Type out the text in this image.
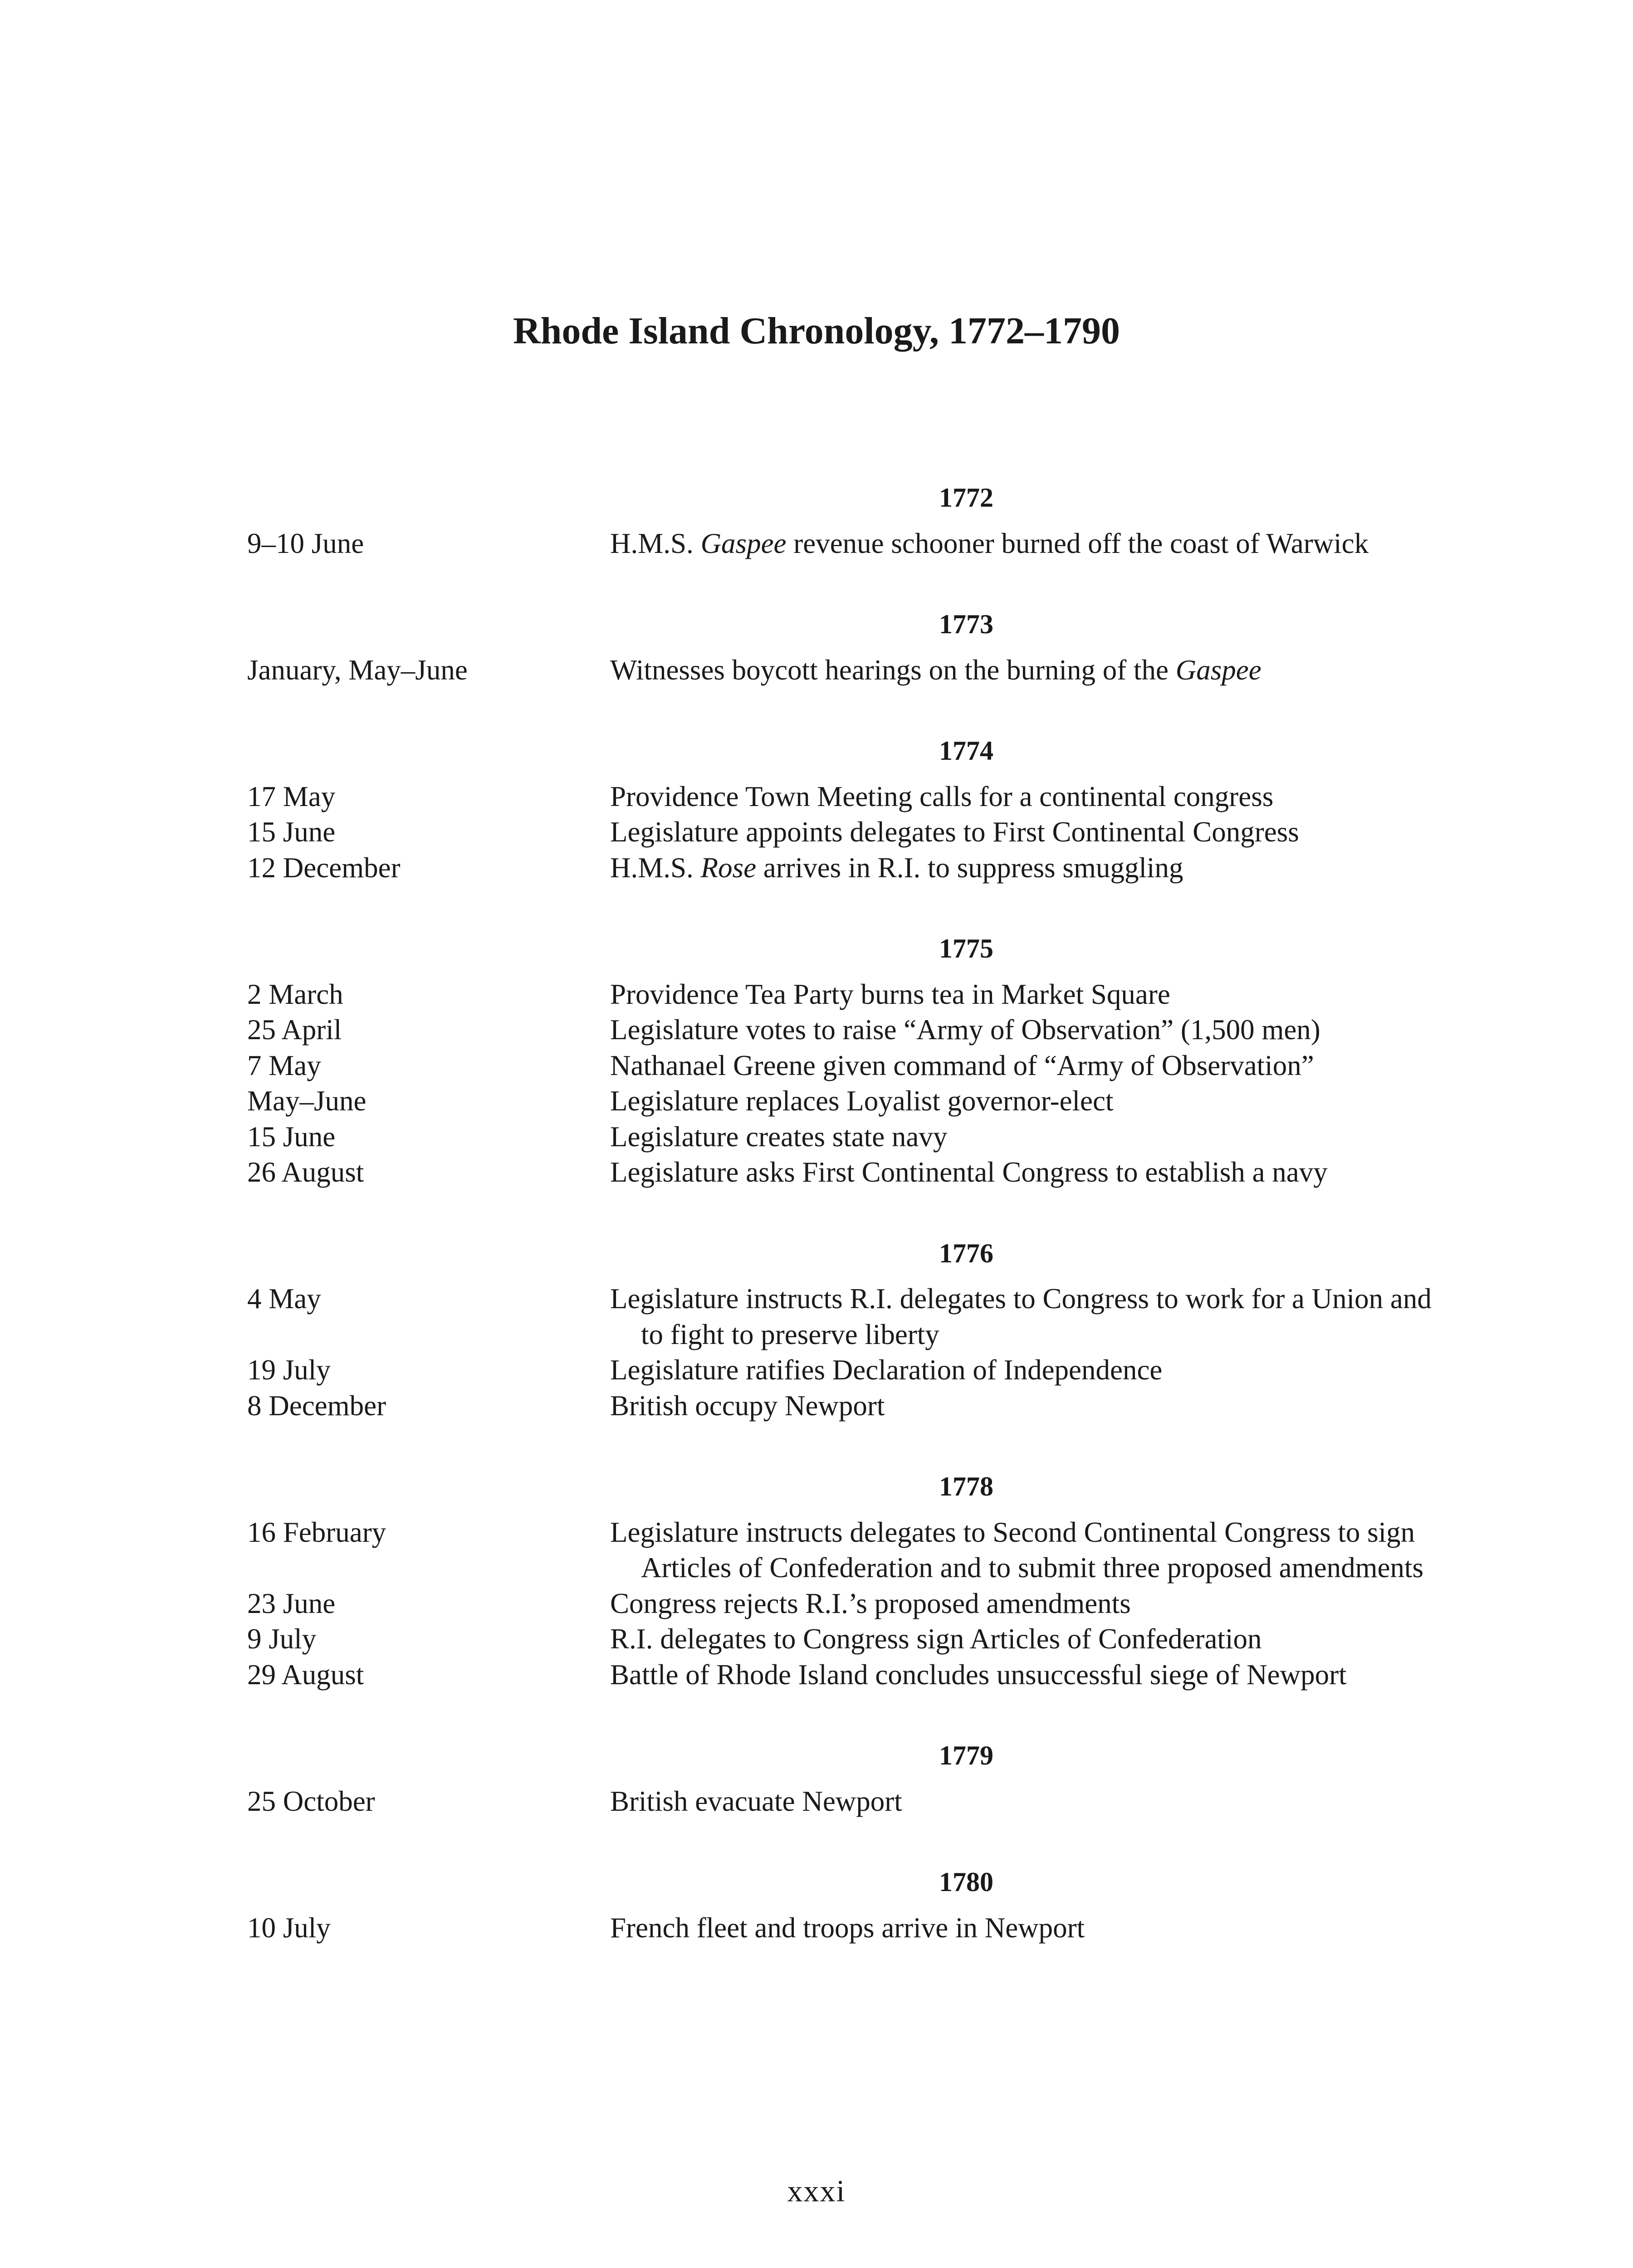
Rhode Island Chronology, 1772–1790
1772
9–10 June	H.M.S. Gaspee revenue schooner burned off the coast of Warwick
1773
January, May–June	Witnesses boycott hearings on the burning of the Gaspee
1774
17 May	Providence Town Meeting calls for a continental congress
15 June	Legislature appoints delegates to First Continental Congress
12 December	H.M.S. Rose arrives in R.I. to suppress smuggling
1775
2 March	Providence Tea Party burns tea in Market Square
25 April	Legislature votes to raise “Army of Observation” (1,500 men)
7 May	Nathanael Greene given command of “Army of Observation”
May–June	Legislature replaces Loyalist governor-elect
15 June	Legislature creates state navy
26 August	Legislature asks First Continental Congress to establish a navy
1776
4 May	Legislature instructs R.I. delegates to Congress to work for a Union and to fight to preserve liberty
19 July	Legislature ratifies Declaration of Independence
8 December	British occupy Newport
1778
16 February	Legislature instructs delegates to Second Continental Congress to sign Articles of Confederation and to submit three proposed amendments
23 June	Congress rejects R.I.’s proposed amendments
9 July	R.I. delegates to Congress sign Articles of Confederation
29 August	Battle of Rhode Island concludes unsuccessful siege of Newport
1779
25 October	British evacuate Newport
1780
10 July	French fleet and troops arrive in Newport
xxxi
